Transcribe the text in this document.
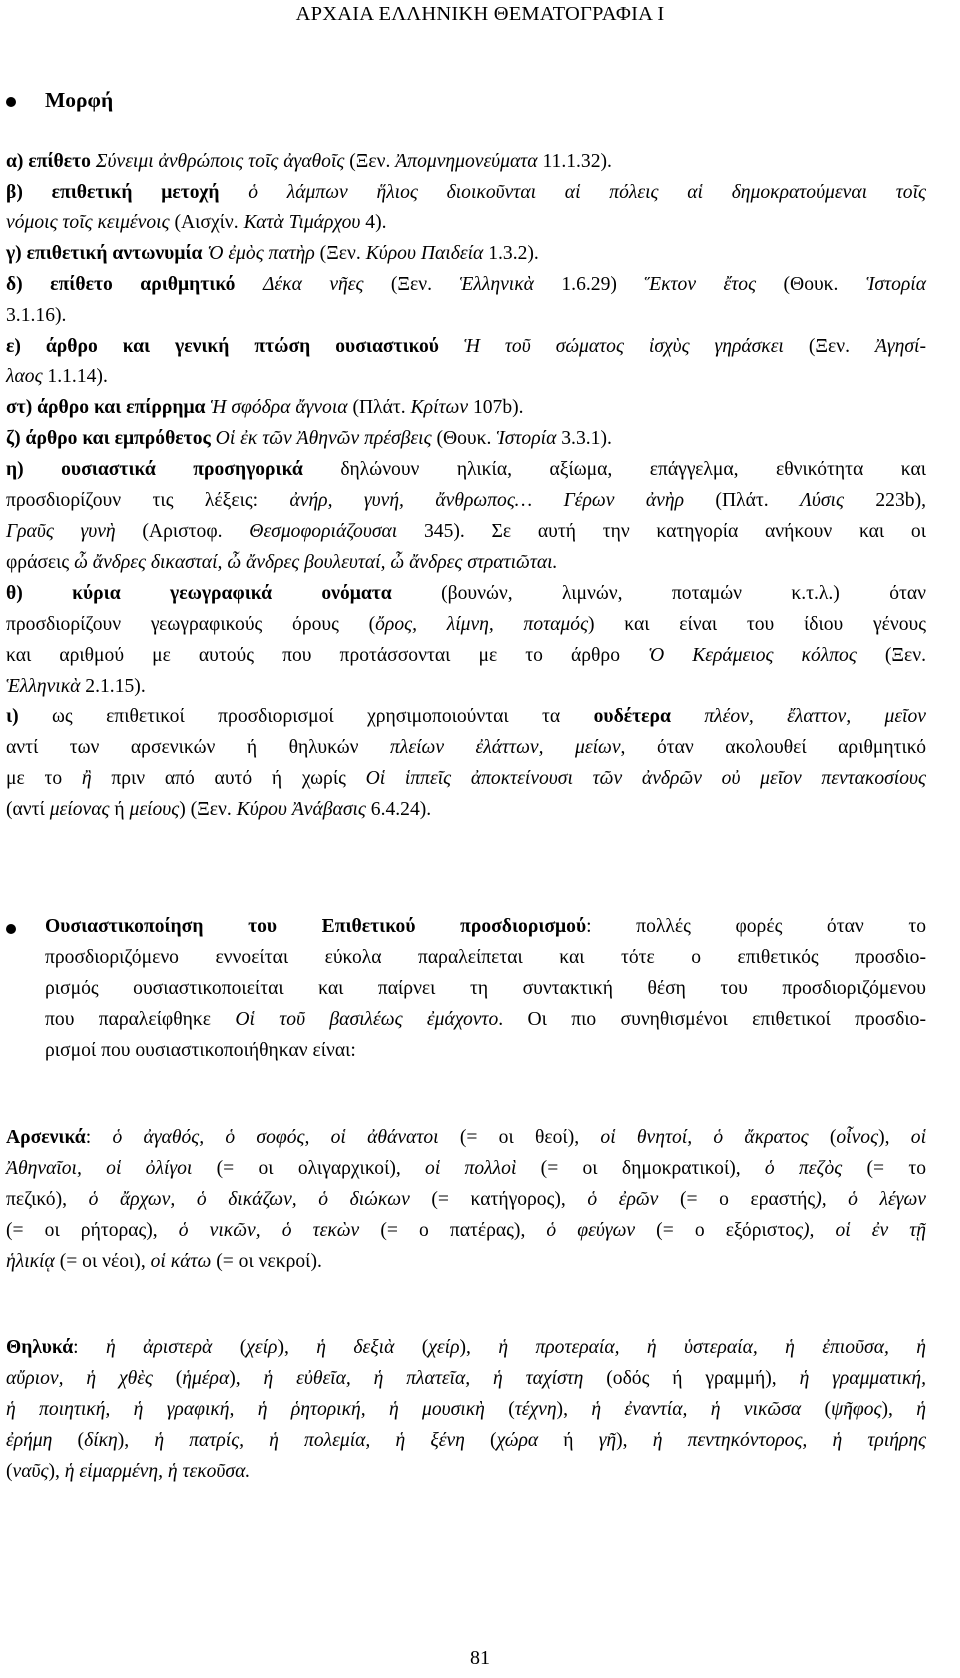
ΑΡΧΑΙΑ ΕΛΛΗΝΙΚΗ ΘΕΜΑΤΟΓΡΑΦΙΑ Ι
Μορφή
α) επίθετο Σύνειμι ἀνθρώποις τοῖς ἀγαθοῖς (Ξεν. Ἀπομνημονεύματα 11.1.32).
β) επιθετική μετοχή ὁ λάμπων ἥλιος διοικοῦνται αἱ πόλεις αἱ δημοκρατούμεναι τοῖς
νόμοις τοῖς κειμένοις (Αισχίν. Κατὰ Τιμάρχου 4).
γ) επιθετική αντωνυμία Ὁ ἐμὸς πατὴρ (Ξεν. Κύρου Παιδεία 1.3.2).
δ) επίθετο αριθμητικό Δέκα νῆες (Ξεν. Ἑλληνικὰ 1.6.29) Ἕκτον ἔτος (Θουκ. Ἱστορία
3.1.16).
ε) άρθρο και γενική πτώση ουσιαστικού Ἡ τοῦ σώματος ἰσχὺς γηράσκει (Ξεν. Ἀγησί-
λαος 1.1.14).
στ) άρθρο και επίρρημα Ἡ σφόδρα ἄγνοια (Πλάτ. Κρίτων 107b).
ζ) άρθρο και εμπρόθετος Οἱ ἐκ τῶν Ἀθηνῶν πρέσβεις (Θουκ. Ἱστορία 3.3.1).
η) ουσιαστικά προσηγορικά δηλώνουν ηλικία, αξίωμα, επάγγελμα, εθνικότητα και
προσδιορίζουν τις λέξεις: ἀνήρ, γυνή, ἄνθρωπος… Γέρων ἀνὴρ (Πλάτ. Λύσις 223b),
Γραῦς γυνὴ (Αριστοφ. Θεσμοφοριάζουσαι 345). Σε αυτή την κατηγορία ανήκουν και οι
φράσεις ὦ ἄνδρες δικασταί, ὦ ἄνδρες βουλευταί, ὦ ἄνδρες στρατιῶται.
θ) κύρια γεωγραφικά ονόματα (βουνών, λιμνών, ποταμών κ.τ.λ.) όταν
προσδιορίζουν γεωγραφικούς όρους (ὄρος, λίμνη, ποταμός) και είναι του ίδιου γένους
και αριθμού με αυτούς που προτάσσονται με το άρθρο Ὁ Κεράμειος κόλπος (Ξεν.
Ἑλληνικὰ 2.1.15).
ι) ως επιθετικοί προσδιορισμοί χρησιμοποιούνται τα ουδέτερα πλέον, ἔλαττον, μεῖον
αντί των αρσενικών ή θηλυκών πλείων ἐλάττων, μείων, όταν ακολουθεί αριθμητικό
με το ἢ πριν από αυτό ή χωρίς Οἱ ἱππεῖς ἀποκτείνουσι τῶν ἀνδρῶν οὐ μεῖον πεντακοσίους
(αντί μείονας ή μείους) (Ξεν. Κύρου Ἀνάβασις 6.4.24).
Ουσιαστικοποίηση του Επιθετικού προσδιορισμού: πολλές φορές όταν το
προσδιοριζόμενο εννοείται εύκολα παραλείπεται και τότε ο επιθετικός προσδιο-
ρισμός ουσιαστικοποιείται και παίρνει τη συντακτική θέση του προσδιοριζόμενου
που παραλείφθηκε Οἱ τοῦ βασιλέως ἐμάχοντο. Οι πιο συνηθισμένοι επιθετικοί προσδιο-
ρισμοί που ουσιαστικοποιήθηκαν είναι:
Αρσενικά: ὁ ἀγαθός, ὁ σοφός, οἱ ἀθάνατοι (= οι θεοί), οἱ θνητοί, ὁ ἄκρατος (οἶνος), οἱ
Ἀθηναῖοι, οἱ ὀλίγοι (= οι ολιγαρχικοί), οἱ πολλοὶ (= οι δημοκρατικοί), ὁ πεζὸς (= το
πεζικό), ὁ ἄρχων, ὁ δικάζων, ὁ διώκων (= κατήγορος), ὁ ἐρῶν (= ο εραστής), ὁ λέγων
(= οι ρήτορας), ὁ νικῶν, ὁ τεκὼν (= ο πατέρας), ὁ φεύγων (= ο εξόριστος), οἱ ἐν τῇ
ἡλικίᾳ (= οι νέοι), οἱ κάτω (= οι νεκροί).
Θηλυκά: ἡ ἀριστερὰ (χείρ), ἡ δεξιὰ (χείρ), ἡ προτεραία, ἡ ὑστεραία, ἡ ἐπιοῦσα, ἡ
αὔριον, ἡ χθὲς (ἡμέρα), ἡ εὐθεῖα, ἡ πλατεῖα, ἡ ταχίστη (οδός ή γραμμή), ἡ γραμματική,
ἡ ποιητική, ἡ γραφική, ἡ ῥητορική, ἡ μουσικὴ (τέχνη), ἡ ἐναντία, ἡ νικῶσα (ψῆφος), ἡ
ἐρήμη (δίκη), ἡ πατρίς, ἡ πολεμία, ἡ ξένη (χώρα ή γῆ), ἡ πεντηκόντορος, ἡ τριήρης
(ναῦς), ἡ εἱμαρμένη, ἡ τεκοῦσα.
81
